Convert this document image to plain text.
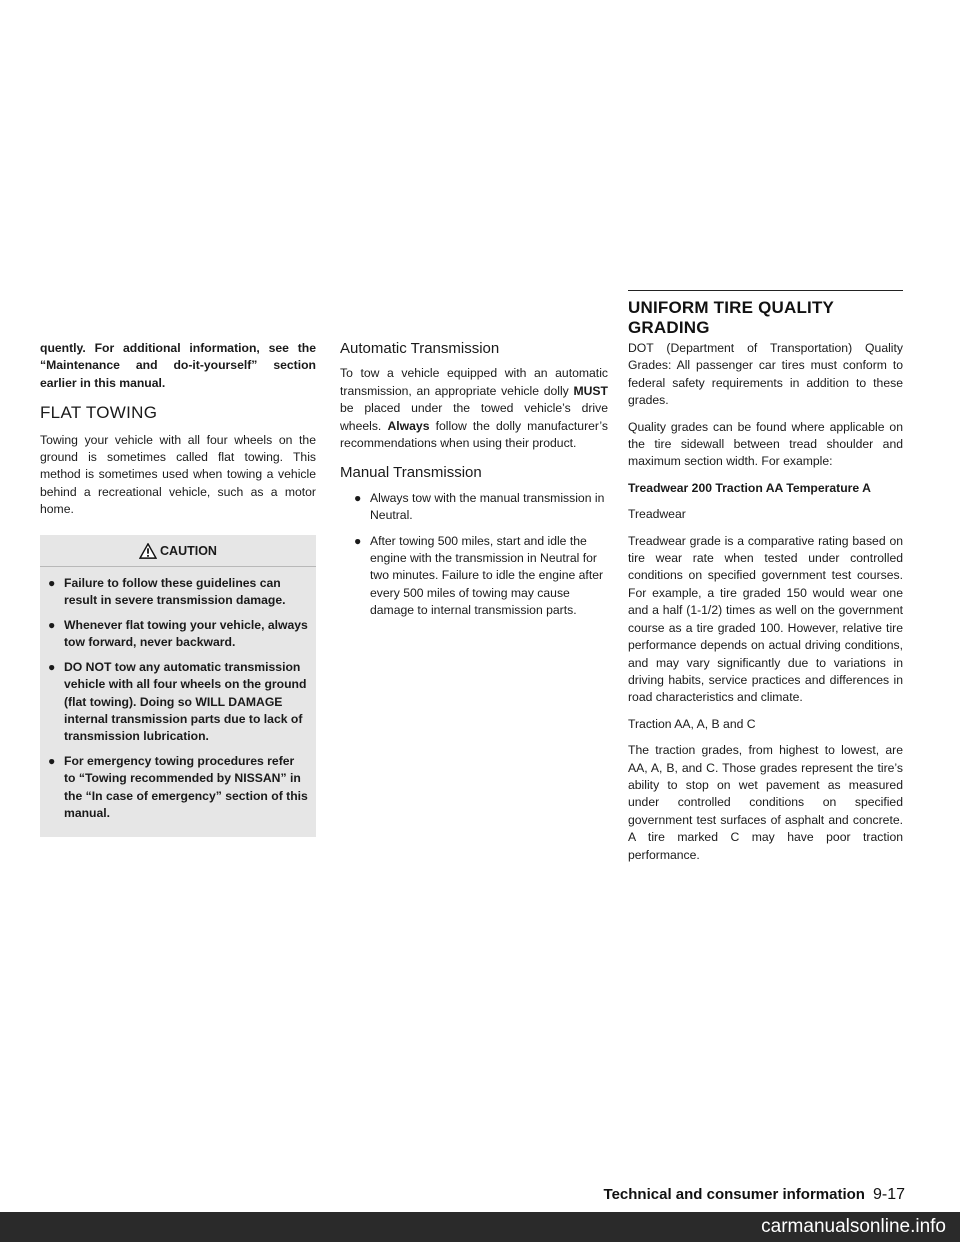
UNIFORM TIRE QUALITY GRADING

quently. For additional information, see the “Maintenance and do-it-yourself” section earlier in this manual.

FLAT TOWING

Towing your vehicle with all four wheels on the ground is sometimes called flat towing. This method is sometimes used when towing a vehicle behind a recreational vehicle, such as a motor home.

CAUTION
● Failure to follow these guidelines can result in severe transmission damage.
● Whenever flat towing your vehicle, always tow forward, never backward.
● DO NOT tow any automatic transmission vehicle with all four wheels on the ground (flat towing). Doing so WILL DAMAGE internal transmission parts due to lack of transmission lubrication.
● For emergency towing procedures refer to “Towing recommended by NISSAN” in the “In case of emergency” section of this manual.
Automatic Transmission

To tow a vehicle equipped with an automatic transmission, an appropriate vehicle dolly MUST be placed under the towed vehicle’s drive wheels. Always follow the dolly manufacturer’s recommendations when using their product.

Manual Transmission
● Always tow with the manual transmission in Neutral.
● After towing 500 miles, start and idle the engine with the transmission in Neutral for two minutes. Failure to idle the engine after every 500 miles of towing may cause damage to internal transmission parts.

DOT (Department of Transportation) Quality Grades: All passenger car tires must conform to federal safety requirements in addition to these grades.

Quality grades can be found where applicable on the tire sidewall between tread shoulder and maximum section width. For example:

Treadwear 200 Traction AA Temperature A

Treadwear

Treadwear grade is a comparative rating based on tire wear rate when tested under controlled conditions on specified government test courses. For example, a tire graded 150 would wear one and a half (1-1/2) times as well on the government course as a tire graded 100. However, relative tire performance depends on actual driving conditions, and may vary significantly due to variations in driving habits, service practices and differences in road characteristics and climate.

Traction AA, A, B and C

The traction grades, from highest to lowest, are AA, A, B, and C. Those grades represent the tire’s ability to stop on wet pavement as measured under controlled conditions on specified government test surfaces of asphalt and concrete. A tire marked C may have poor traction performance.

Technical and consumer information 9-17
carmanualsonline.info
